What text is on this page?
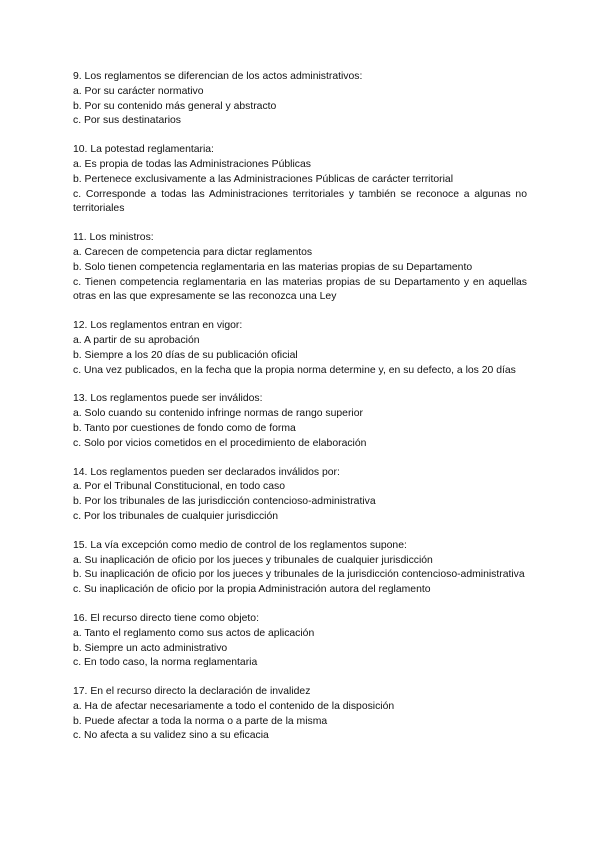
9. Los reglamentos se diferencian de los actos administrativos:
a. Por su carácter normativo
b. Por su contenido más general y abstracto
c. Por sus destinatarios
10. La potestad reglamentaria:
a. Es propia de todas las Administraciones Públicas
b. Pertenece exclusivamente a las Administraciones Públicas de carácter territorial
c. Corresponde a todas las Administraciones territoriales y también se reconoce a algunas no territoriales
11. Los ministros:
a. Carecen de competencia para dictar reglamentos
b. Solo tienen competencia reglamentaria en las materias propias de su Departamento
c. Tienen competencia reglamentaria en las materias propias de su Departamento y en aquellas otras en las que expresamente se las reconozca una Ley
12. Los reglamentos entran en vigor:
a. A partir de su aprobación
b. Siempre a los 20 días de su publicación oficial
c. Una vez publicados, en la fecha que la propia norma determine y, en su defecto, a los 20 días
13. Los reglamentos puede ser inválidos:
a. Solo cuando su contenido infringe normas de rango superior
b. Tanto por cuestiones de fondo como de forma
c. Solo por vicios cometidos en el procedimiento de elaboración
14. Los reglamentos pueden ser declarados inválidos por:
a. Por el Tribunal Constitucional, en todo caso
b. Por los tribunales de las jurisdicción contencioso-administrativa
c. Por los tribunales de cualquier jurisdicción
15. La vía excepción como medio de control de los reglamentos supone:
a. Su inaplicación de oficio por los jueces y tribunales de cualquier jurisdicción
b. Su inaplicación de oficio por los jueces y tribunales de la jurisdicción contencioso-administrativa
c. Su inaplicación de oficio por la propia Administración autora del reglamento
16. El recurso directo tiene como objeto:
a. Tanto el reglamento como sus actos de aplicación
b. Siempre un acto administrativo
c. En todo caso, la norma reglamentaria
17. En el recurso directo la declaración de invalidez
a. Ha de afectar necesariamente a todo el contenido de la disposición
b. Puede afectar a toda la norma o a parte de la misma
c. No afecta a su validez sino a su eficacia
